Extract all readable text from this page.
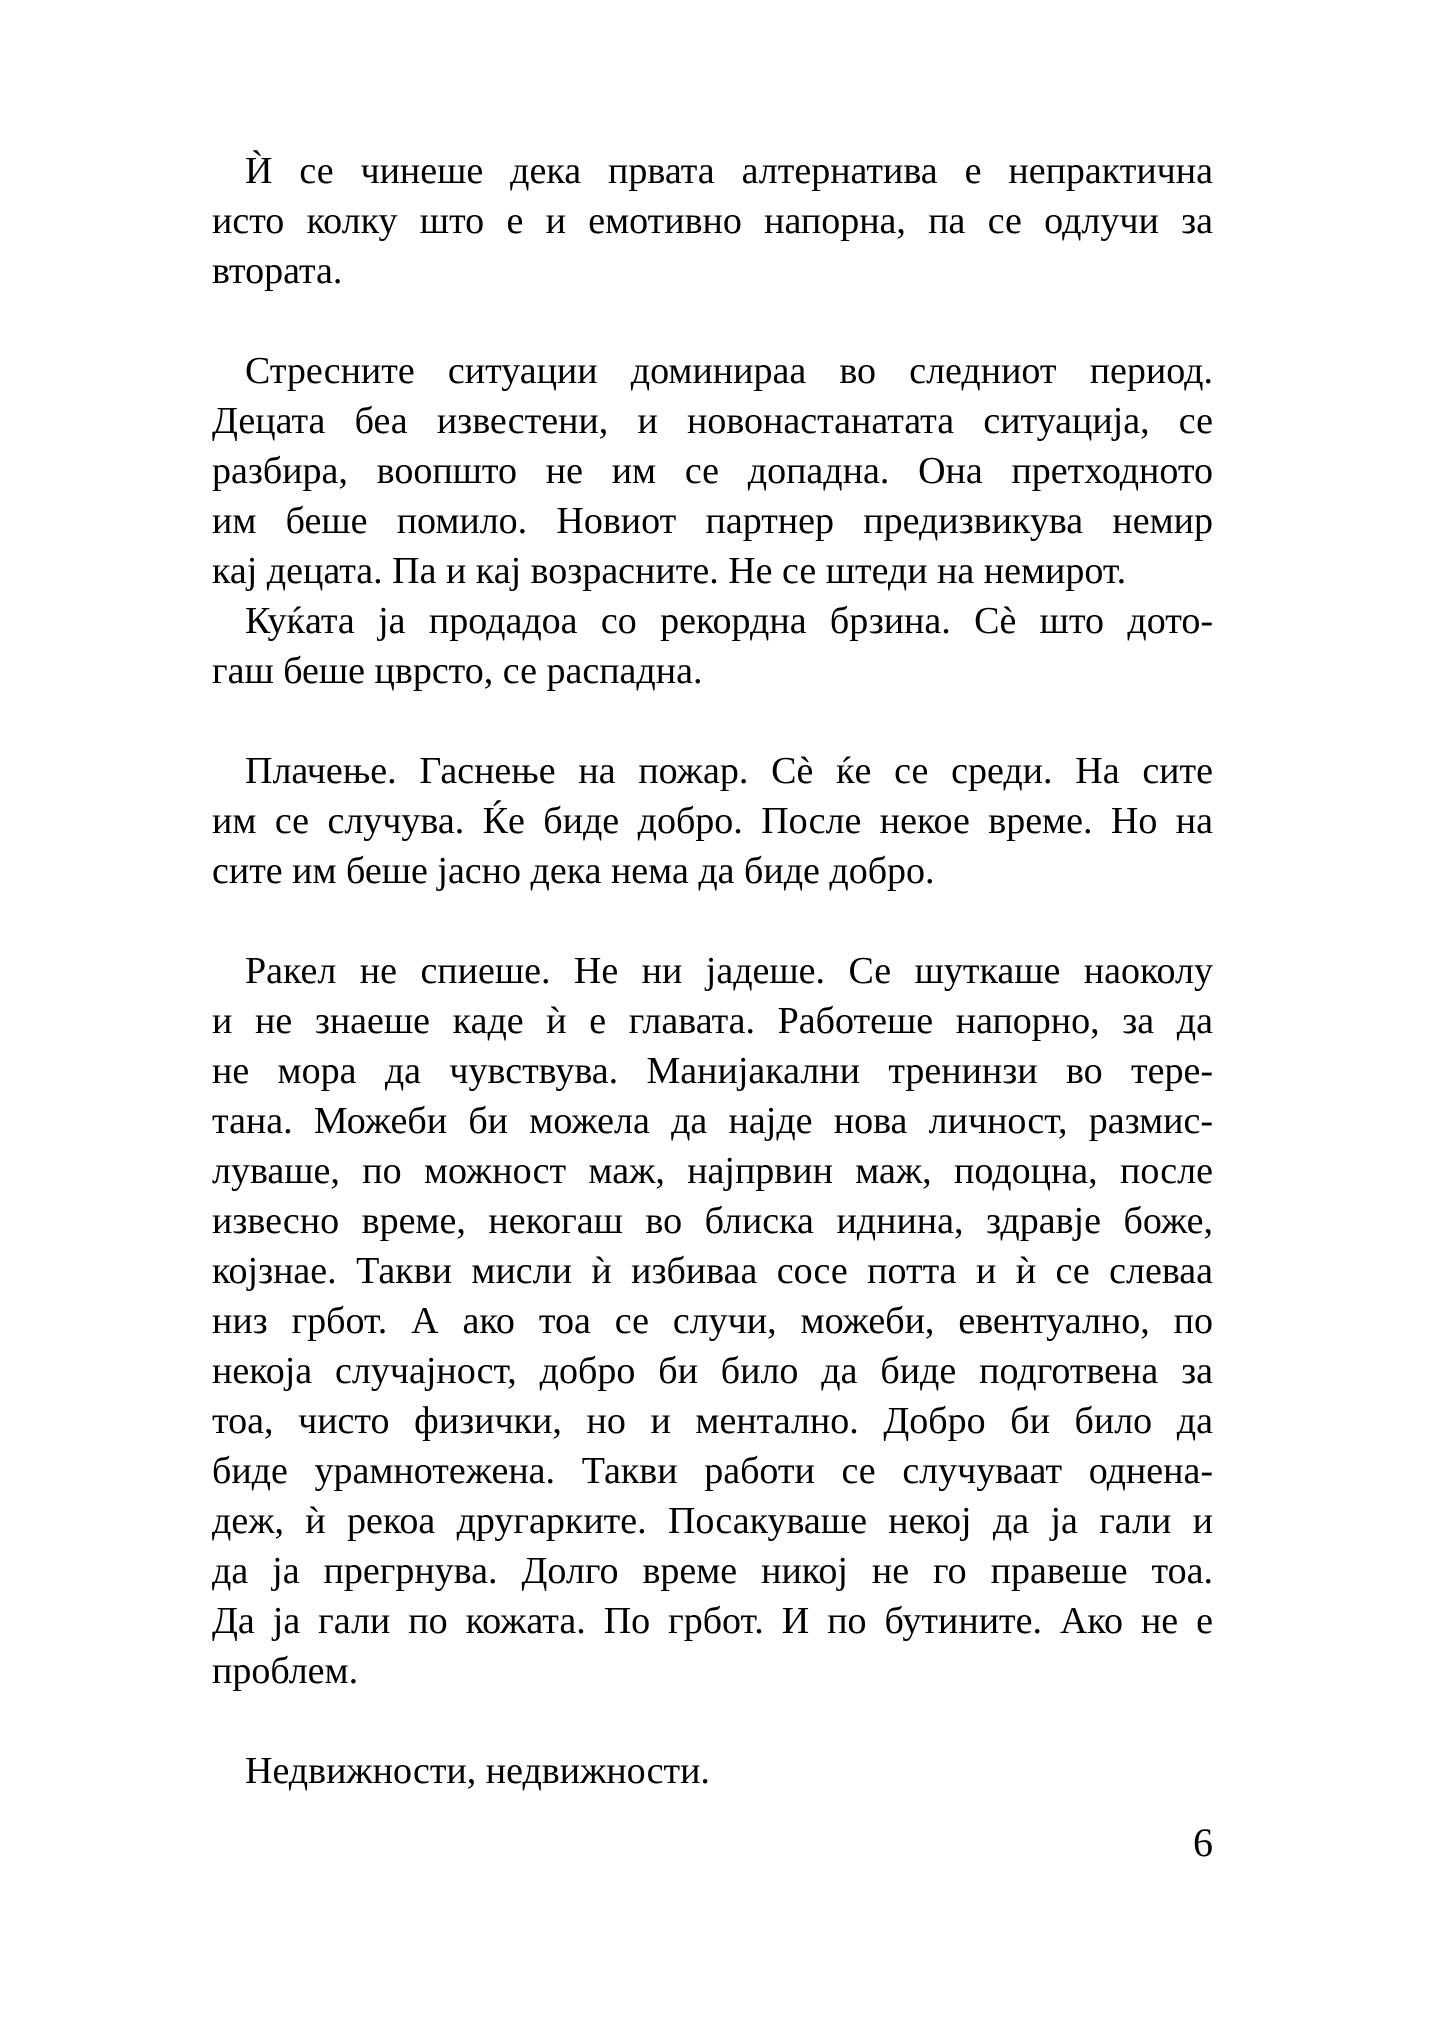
Ѝ се чинеше дека првата алтернатива е непрактична
исто колку што е и емотивно напорна, па се одлучи за
втората.
Стресните ситуации доминираа во следниот период.
Децата беа известени, и новонастанатата ситуација, се
разбира, воопшто не им се допадна. Она претходното
им беше помило. Новиот партнер предизвикува немир
кај децата. Па и кај возрасните. Не се штеди на немирот.
Куќата ја продадоа со рекордна брзина. Сѐ што дото-
гаш беше цврсто, се распадна.
Плачење. Гаснење на пожар. Сѐ ќе се среди. На сите
им се случува. Ќе биде добро. После некое време. Но на
сите им беше јасно дека нема да биде добро.
Ракел не спиеше. Не ни јадеше. Се шуткаше наоколу
и не знаеше каде ѝ е главата. Работеше напорно, за да
не мора да чувствува. Манијакални тренинзи во тере-
тана. Можеби би можела да најде нова личност, размис-
луваше, по можност маж, најпрвин маж, подоцна, после
извесно време, некогаш во блиска иднина, здравје боже,
којзнае. Такви мисли ѝ избиваа сосе потта и ѝ се слеваа
низ грбот. А ако тоа се случи, можеби, евентуално, по
некоја случајност, добро би било да биде подготвена за
тоа, чисто физички, но и ментално. Добро би било да
биде урамнотежена. Такви работи се случуваат однена-
деж, ѝ рекоа другарките. Посакуваше некој да ја гали и
да ја прегрнува. Долго време никој не го правеше тоа.
Да ја гали по кожата. По грбот. И по бутините. Ако не е
проблем.
Недвижности, недвижности.
6
